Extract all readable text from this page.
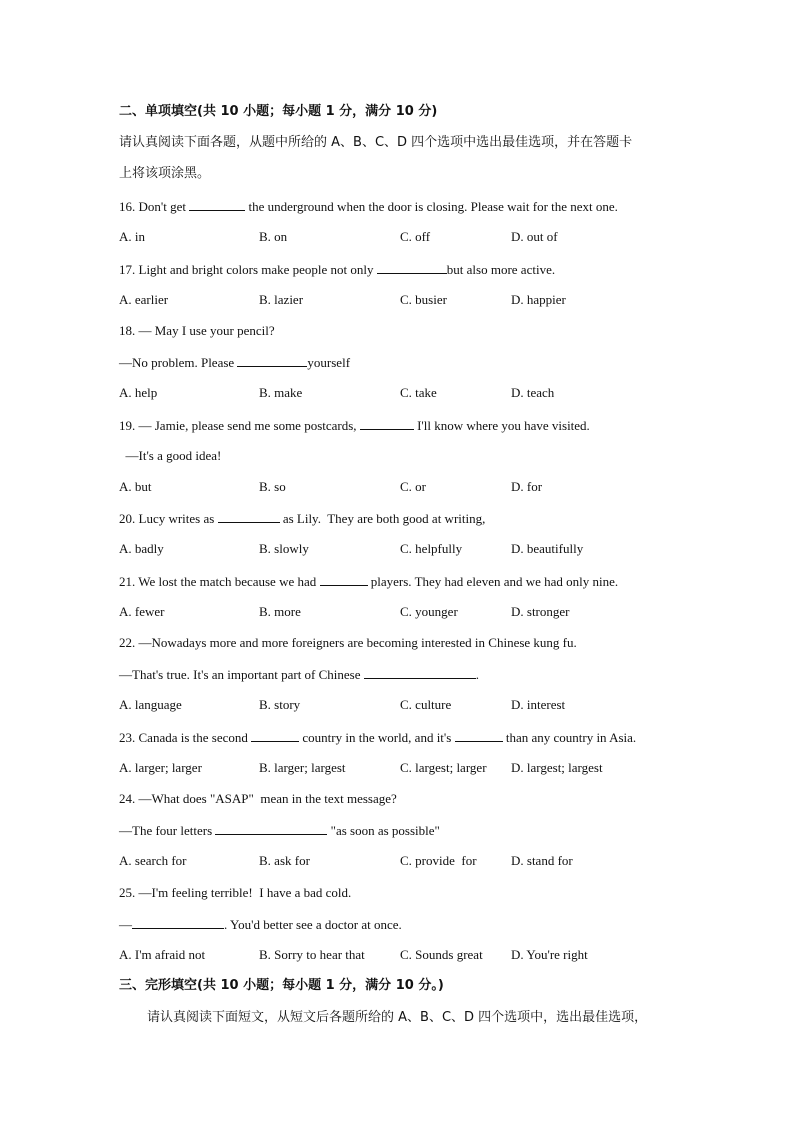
二、单项填空(共 10 小题；每小题 1 分，满分 10 分)
请认真阅读下面各题，从题中所给的 A、B、C、D 四个选项中选出最佳选项，并在答题卡
上将该项涂黑。
16. Don't get	the underground when the door is closing. Please wait for the next one.
A. in	B. on	C. off	D. out of
17. Light and bright colors make people not only	but also more active.
A. earlier	B. lazier	C. busier	D. happier
18. — May I use your pencil?
—No problem. Please	yourself
A. help	B. make	C. take	D. teach
19. — Jamie, please send me some postcards,	I'll know where you have visited.
—It's a good idea!
A. but	B. so	C. or	D. for
20. Lucy writes as	as Lily.  They are both good at writing,
A. badly	B. slowly	C. helpfully	D. beautifully
21. We lost the match because we had	players. They had eleven and we had only nine.
A. fewer	B. more	C. younger	D. stronger
22. —Nowadays more and more foreigners are becoming interested in Chinese kung fu.
—That's true. It's an important part of Chinese	.
A. language	B. story	C. culture	D. interest
23. Canada is the second	country in the world, and it's	than any country in Asia.
A. larger; larger	B. larger; largest	C. largest; larger D. largest; largest
24. —What does "ASAP"  mean in the text message?
—The four letters	"as soon as possible"
A. search for	B. ask for	C. provide  for	D. stand for
25. —I'm feeling terrible!  I have a bad cold.
—	. You'd better see a doctor at once.
A. I'm afraid not	B. Sorry to hear that	C. Sounds great D. You're right
三、完形填空(共 10 小题；每小题 1 分，满分 10 分。)
请认真阅读下面短文，从短文后各题所给的 A、B、C、D 四个选项中，选出最佳选项，
